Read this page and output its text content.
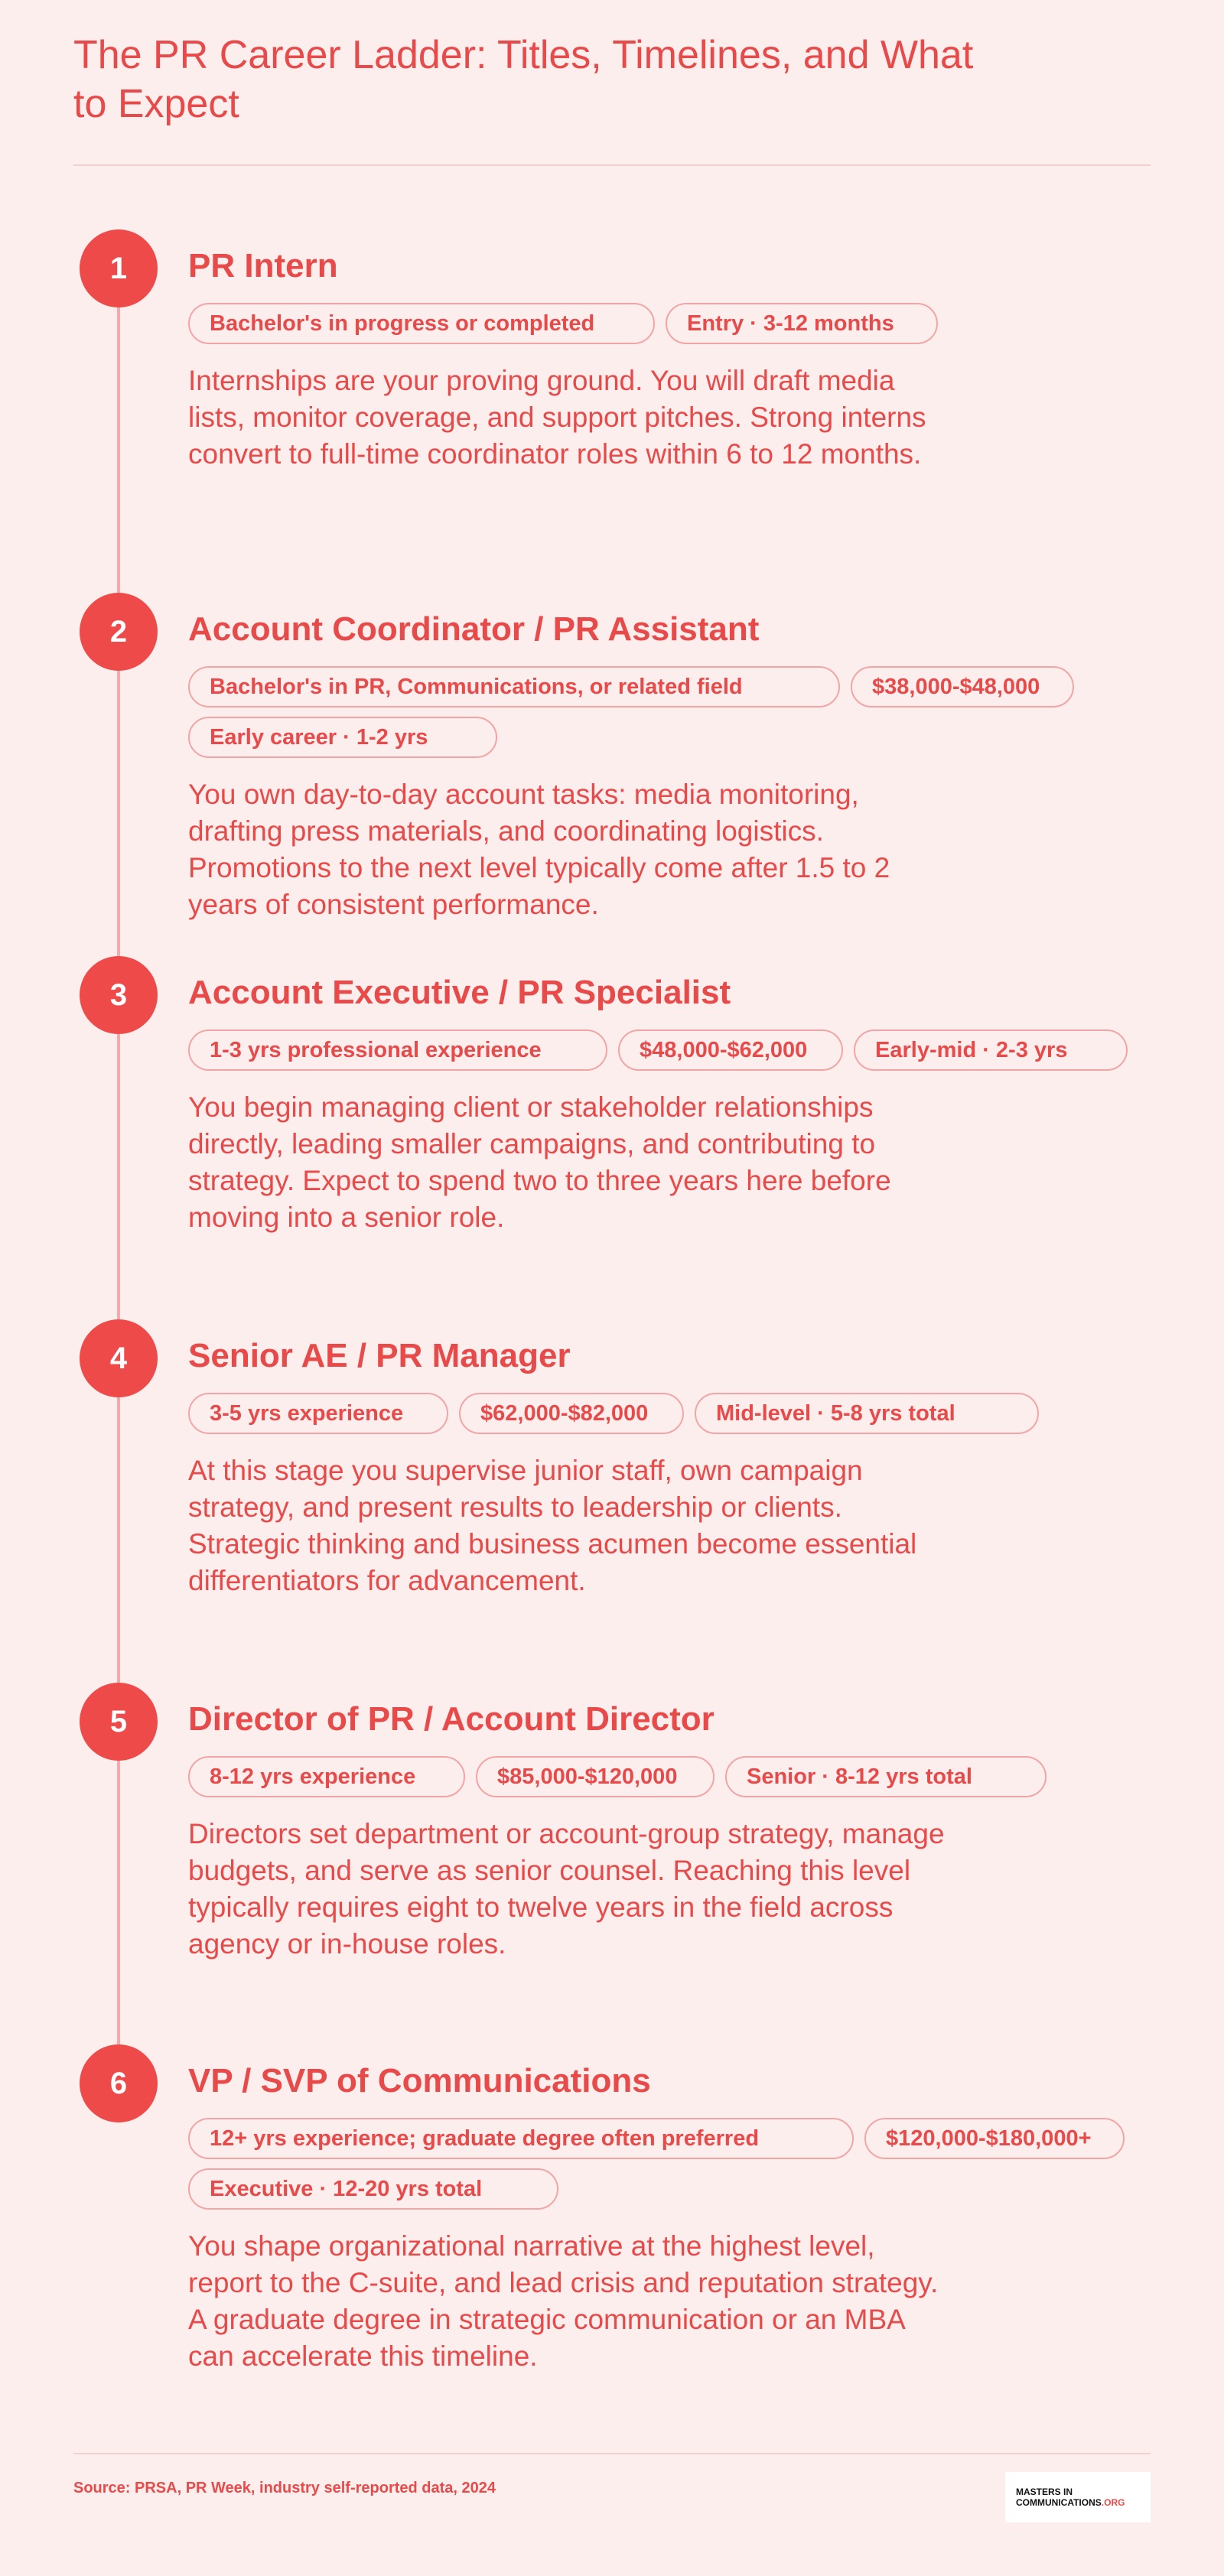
The PR Career Ladder: Titles, Timelines, and What to Expect
1	PR Intern
Bachelor's in progress or completed	Entry · 3-12 months

Internships are your proving ground. You will draft media lists, monitor coverage, and support pitches. Strong interns convert to full-time coordinator roles within 6 to 12 months.

2	Account Coordinator / PR Assistant
Bachelor's in PR, Communications, or related field	$38,000-$48,000
Early career · 1-2 yrs

You own day-to-day account tasks: media monitoring, drafting press materials, and coordinating logistics. Promotions to the next level typically come after 1.5 to 2 years of consistent performance.

3	Account Executive / PR Specialist
1-3 yrs professional experience	$48,000-$62,000	Early-mid · 2-3 yrs

You begin managing client or stakeholder relationships directly, leading smaller campaigns, and contributing to strategy. Expect to spend two to three years here before moving into a senior role.

4	Senior AE / PR Manager
3-5 yrs experience	$62,000-$82,000	Mid-level · 5-8 yrs total

At this stage you supervise junior staff, own campaign strategy, and present results to leadership or clients. Strategic thinking and business acumen become essential differentiators for advancement.

5	Director of PR / Account Director
8-12 yrs experience	$85,000-$120,000	Senior · 8-12 yrs total

Directors set department or account-group strategy, manage budgets, and serve as senior counsel. Reaching this level typically requires eight to twelve years in the field across agency or in-house roles.

6	VP / SVP of Communications
12+ yrs experience; graduate degree often preferred	$120,000-$180,000+
Executive · 12-20 yrs total

You shape organizational narrative at the highest level, report to the C-suite, and lead crisis and reputation strategy. A graduate degree in strategic communication or an MBA can accelerate this timeline.

Source: PRSA, PR Week, industry self-reported data, 2024	MASTERS IN
COMMUNICATIONS.ORG
